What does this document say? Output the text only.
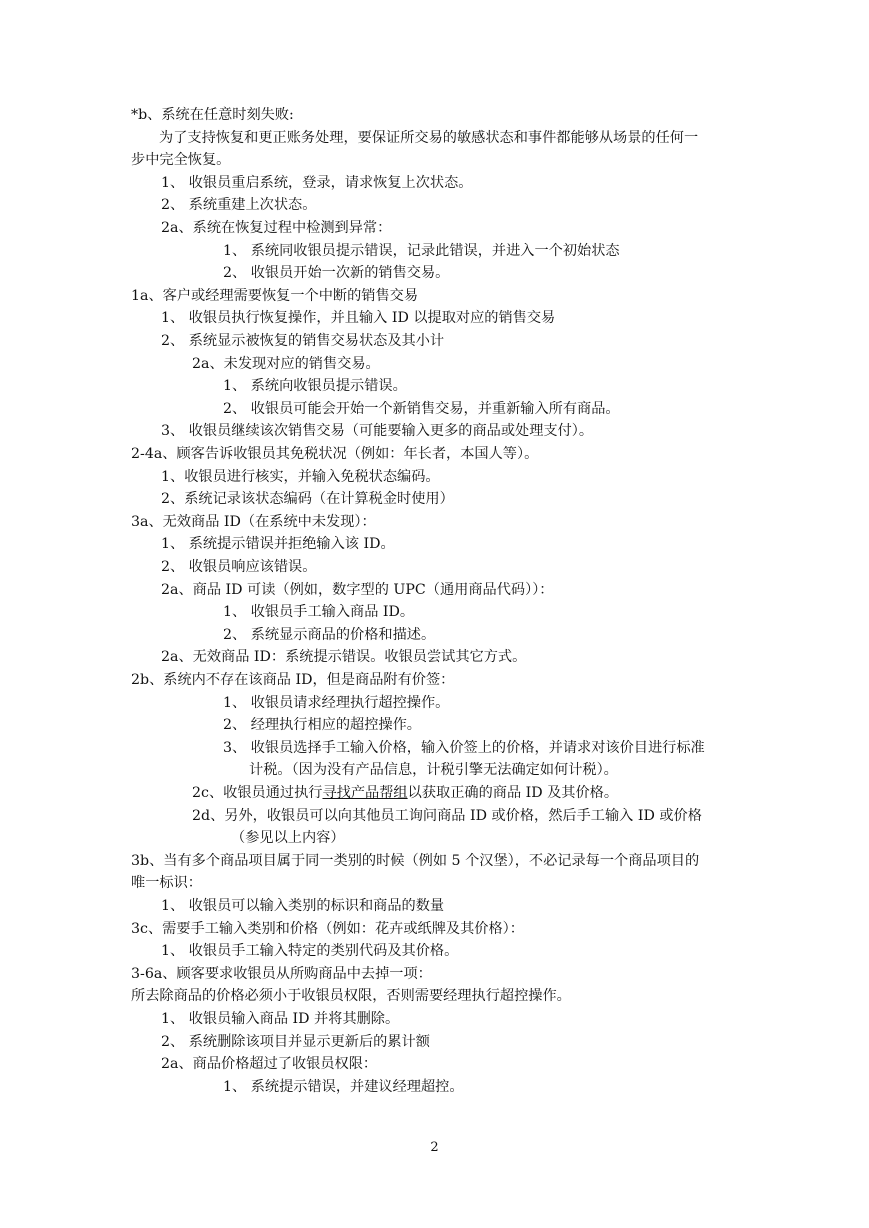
*b、系统在任意时刻失败:
为了支持恢复和更正账务处理，要保证所交易的敏感状态和事件都能够从场景的任何一
步中完全恢复。
1、 收银员重启系统，登录，请求恢复上次状态。
2、 系统重建上次状态。
2a、系统在恢复过程中检测到异常：
1、 系统同收银员提示错误，记录此错误，并进入一个初始状态
2、 收银员开始一次新的销售交易。
1a、客户或经理需要恢复一个中断的销售交易
1、 收银员执行恢复操作，并且输入 ID 以提取对应的销售交易
2、 系统显示被恢复的销售交易状态及其小计
2a、未发现对应的销售交易。
1、 系统向收银员提示错误。
2、 收银员可能会开始一个新销售交易，并重新输入所有商品。
3、 收银员继续该次销售交易（可能要输入更多的商品或处理支付）。
2-4a、顾客告诉收银员其免税状况（例如：年长者，本国人等）。
1、收银员进行核实，并输入免税状态编码。
2、系统记录该状态编码（在计算税金时使用）
3a、无效商品 ID（在系统中未发现）：
1、 系统提示错误并拒绝输入该 ID。
2、 收银员响应该错误。
2a、商品 ID 可读（例如，数字型的 UPC（通用商品代码））：
1、 收银员手工输入商品 ID。
2、 系统显示商品的价格和描述。
2a、无效商品 ID：系统提示错误。收银员尝试其它方式。
2b、系统内不存在该商品 ID，但是商品附有价签：
1、 收银员请求经理执行超控操作。
2、 经理执行相应的超控操作。
3、 收银员选择手工输入价格，输入价签上的价格，并请求对该价目进行标准
计税。（因为没有产品信息，计税引擎无法确定如何计税）。
2c、收银员通过执行寻找产品帮组以获取正确的商品 ID 及其价格。
2d、另外，收银员可以向其他员工询问商品 ID 或价格，然后手工输入 ID 或价格
（参见以上内容）
3b、当有多个商品项目属于同一类别的时候（例如 5 个汉堡），不必记录每一个商品项目的
唯一标识：
1、 收银员可以输入类别的标识和商品的数量
3c、需要手工输入类别和价格（例如：花卉或纸牌及其价格）：
1、 收银员手工输入特定的类别代码及其价格。
3-6a、顾客要求收银员从所购商品中去掉一项：
所去除商品的价格必须小于收银员权限，否则需要经理执行超控操作。
1、 收银员输入商品 ID 并将其删除。
2、 系统删除该项目并显示更新后的累计额
2a、商品价格超过了收银员权限：
1、 系统提示错误，并建议经理超控。
2
